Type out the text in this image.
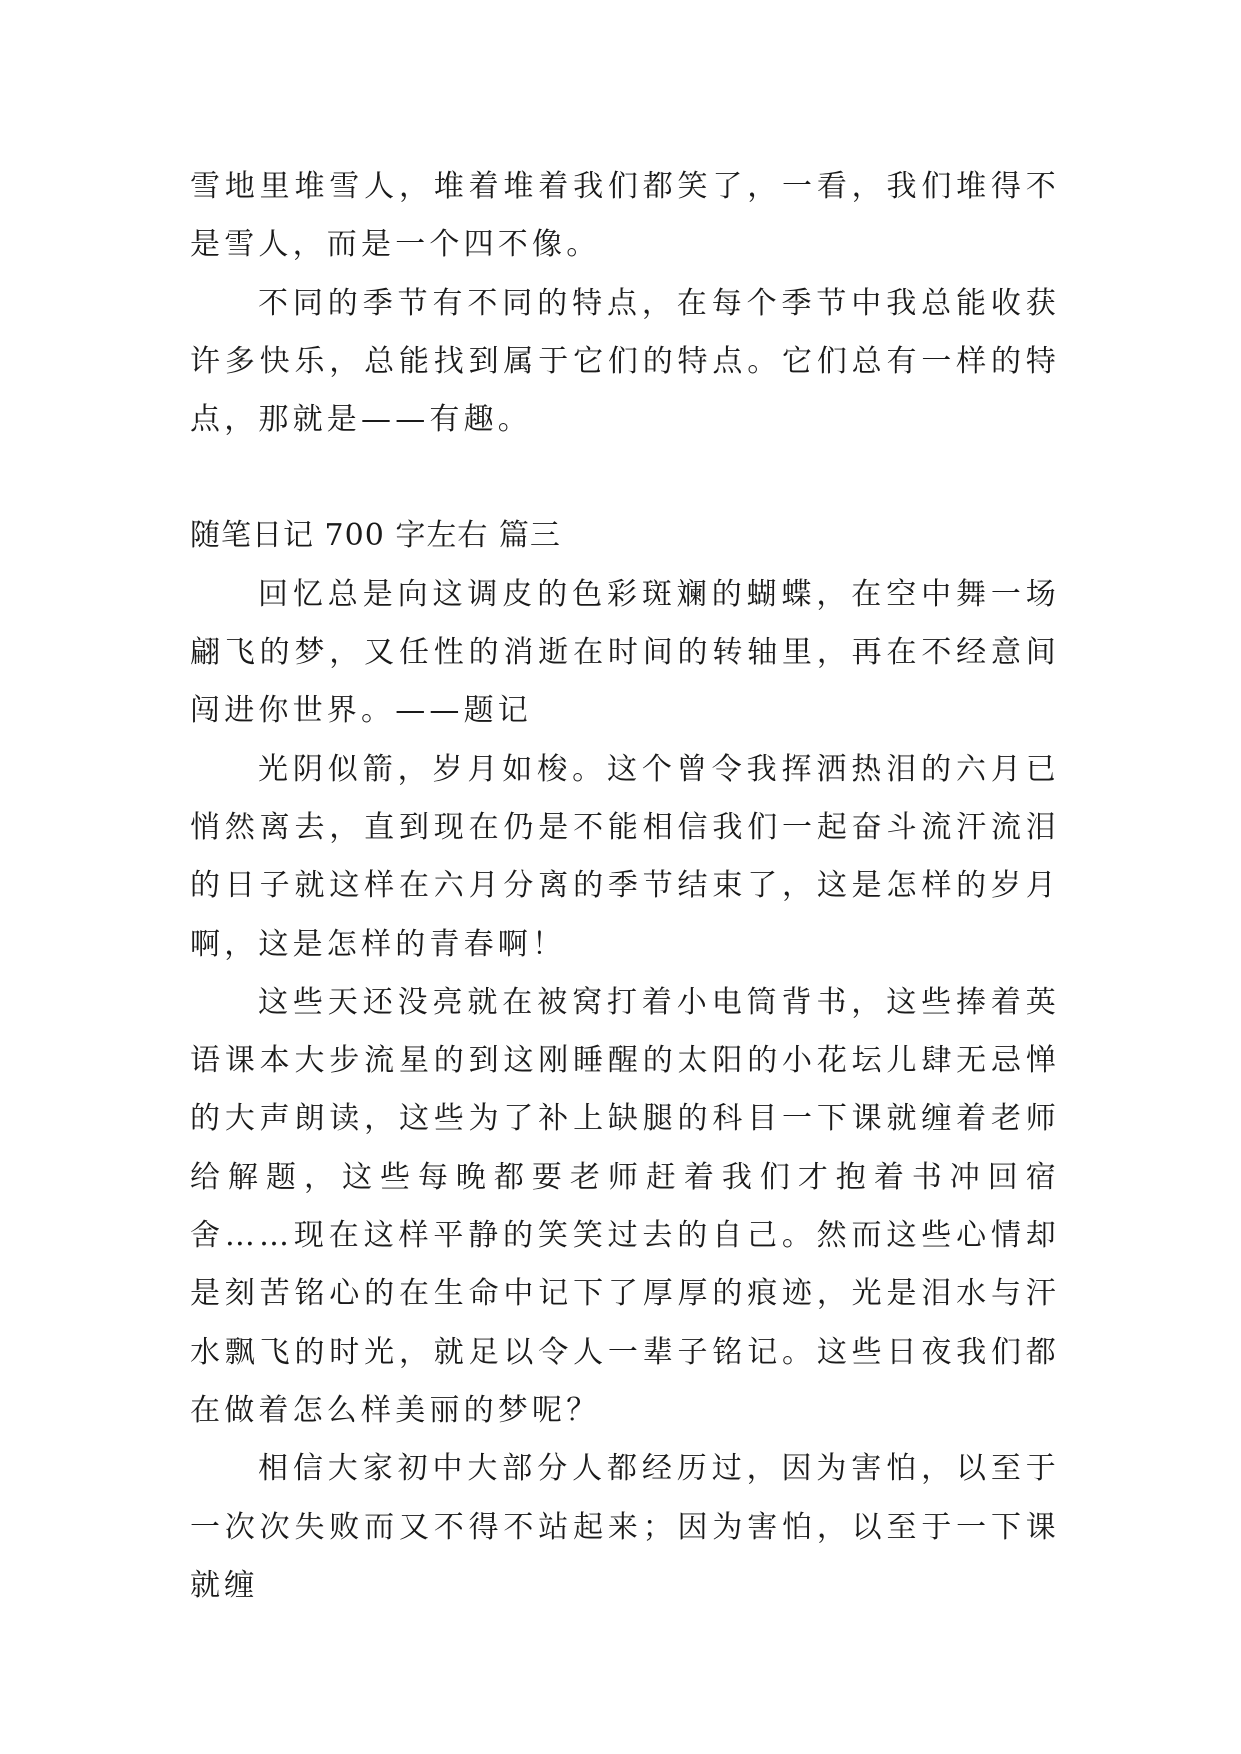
雪地里堆雪人，堆着堆着我们都笑了，一看，我们堆得不是雪人，而是一个四不像。

不同的季节有不同的特点，在每个季节中我总能收获许多快乐，总能找到属于它们的特点。它们总有一样的特点，那就是——有趣。

随笔日记 700 字左右 篇三

回忆总是向这调皮的色彩斑斓的蝴蝶，在空中舞一场翩飞的梦，又任性的消逝在时间的转轴里，再在不经意间闯进你世界。——题记

光阴似箭，岁月如梭。这个曾令我挥洒热泪的六月已悄然离去，直到现在仍是不能相信我们一起奋斗流汗流泪的日子就这样在六月分离的季节结束了，这是怎样的岁月啊，这是怎样的青春啊！

这些天还没亮就在被窝打着小电筒背书，这些捧着英语课本大步流星的到这刚睡醒的太阳的小花坛儿肆无忌惮的大声朗读，这些为了补上缺腿的科目一下课就缠着老师给解题，这些每晚都要老师赶着我们才抱着书冲回宿舍……现在这样平静的笑笑过去的自己。然而这些心情却是刻苦铭心的在生命中记下了厚厚的痕迹，光是泪水与汗水飘飞的时光，就足以令人一辈子铭记。这些日夜我们都在做着怎么样美丽的梦呢？

相信大家初中大部分人都经历过，因为害怕，以至于一次次失败而又不得不站起来；因为害怕，以至于一下课就缠
